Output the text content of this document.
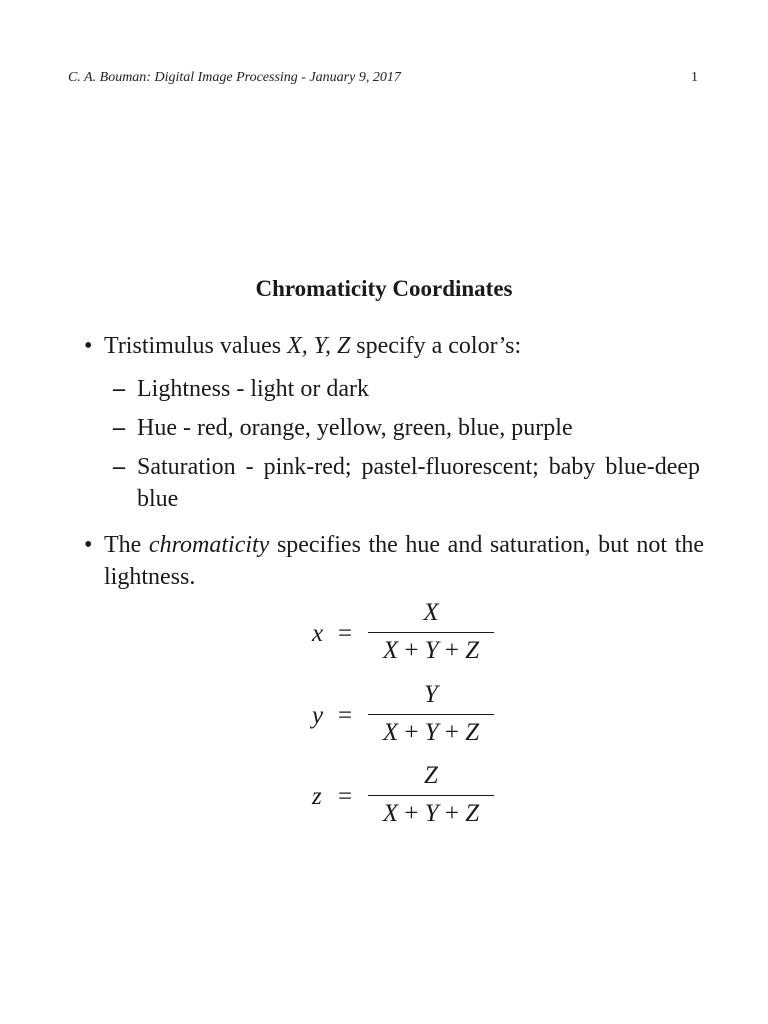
C. A. Bouman: Digital Image Processing - January 9, 2017	1
Chromaticity Coordinates
• Tristimulus values X, Y, Z specify a color’s:
– Lightness - light or dark
– Hue - red, orange, yellow, green, blue, purple
– Saturation - pink-red; pastel-fluorescent; baby blue-deep blue
• The chromaticity specifies the hue and saturation, but not the lightness.
x =
X
X + Y + Z
y =
Y
X + Y + Z
z =
Z
X + Y + Z
